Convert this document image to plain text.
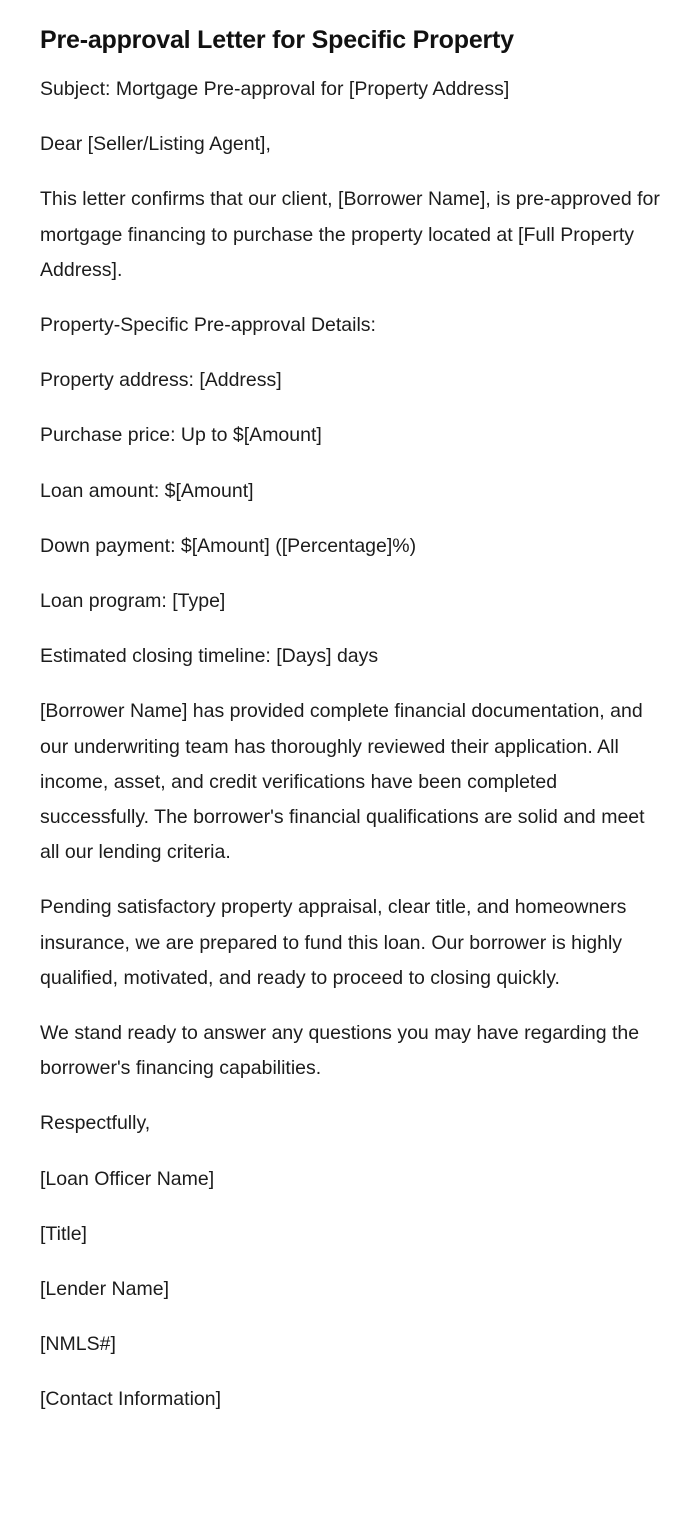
Pre-approval Letter for Specific Property

Subject: Mortgage Pre-approval for [Property Address]

Dear [Seller/Listing Agent],

This letter confirms that our client, [Borrower Name], is pre-approved for mortgage financing to purchase the property located at [Full Property Address].

Property-Specific Pre-approval Details:

Property address: [Address]

Purchase price: Up to $[Amount]

Loan amount: $[Amount]

Down payment: $[Amount] ([Percentage]%)

Loan program: [Type]

Estimated closing timeline: [Days] days

[Borrower Name] has provided complete financial documentation, and our underwriting team has thoroughly reviewed their application. All income, asset, and credit verifications have been completed successfully. The borrower's financial qualifications are solid and meet all our lending criteria.

Pending satisfactory property appraisal, clear title, and homeowners insurance, we are prepared to fund this loan. Our borrower is highly qualified, motivated, and ready to proceed to closing quickly.

We stand ready to answer any questions you may have regarding the borrower's financing capabilities.

Respectfully,

[Loan Officer Name]

[Title]

[Lender Name]

[NMLS#]

[Contact Information]
